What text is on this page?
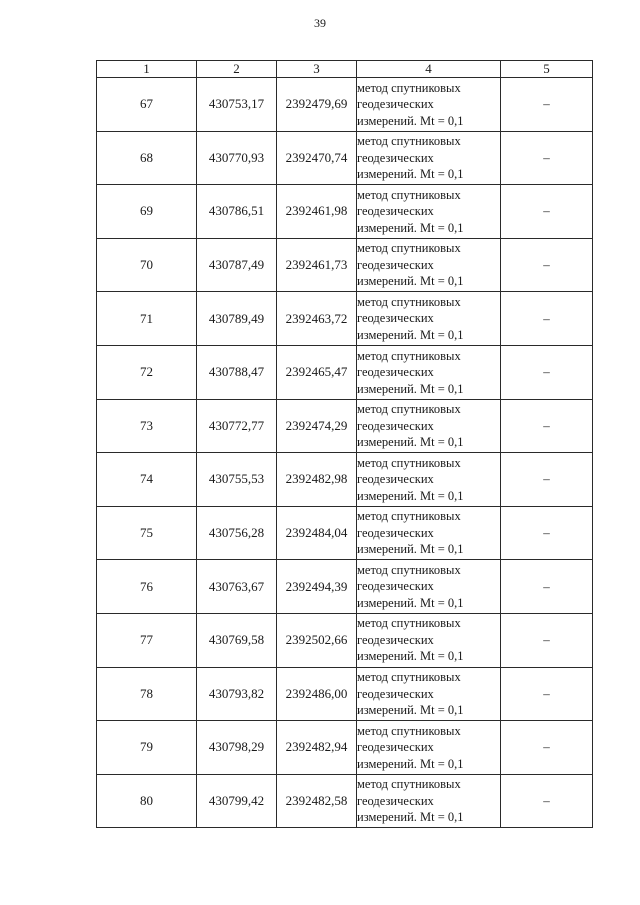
39
1	2	3	4	5
67	430753,17	2392479,69	метод спутниковых
геодезических
измерений. Mt = 0,1	–
68	430770,93	2392470,74	метод спутниковых
геодезических
измерений. Mt = 0,1	–
69	430786,51	2392461,98	метод спутниковых
геодезических
измерений. Mt = 0,1	–
70	430787,49	2392461,73	метод спутниковых
геодезических
измерений. Mt = 0,1	–
71	430789,49	2392463,72	метод спутниковых
геодезических
измерений. Mt = 0,1	–
72	430788,47	2392465,47	метод спутниковых
геодезических
измерений. Mt = 0,1	–
73	430772,77	2392474,29	метод спутниковых
геодезических
измерений. Mt = 0,1	–
74	430755,53	2392482,98	метод спутниковых
геодезических
измерений. Mt = 0,1	–
75	430756,28	2392484,04	метод спутниковых
геодезических
измерений. Mt = 0,1	–
76	430763,67	2392494,39	метод спутниковых
геодезических
измерений. Mt = 0,1	–
77	430769,58	2392502,66	метод спутниковых
геодезических
измерений. Mt = 0,1	–
78	430793,82	2392486,00	метод спутниковых
геодезических
измерений. Mt = 0,1	–
79	430798,29	2392482,94	метод спутниковых
геодезических
измерений. Mt = 0,1	–
80	430799,42	2392482,58	метод спутниковых
геодезических
измерений. Mt = 0,1	–
